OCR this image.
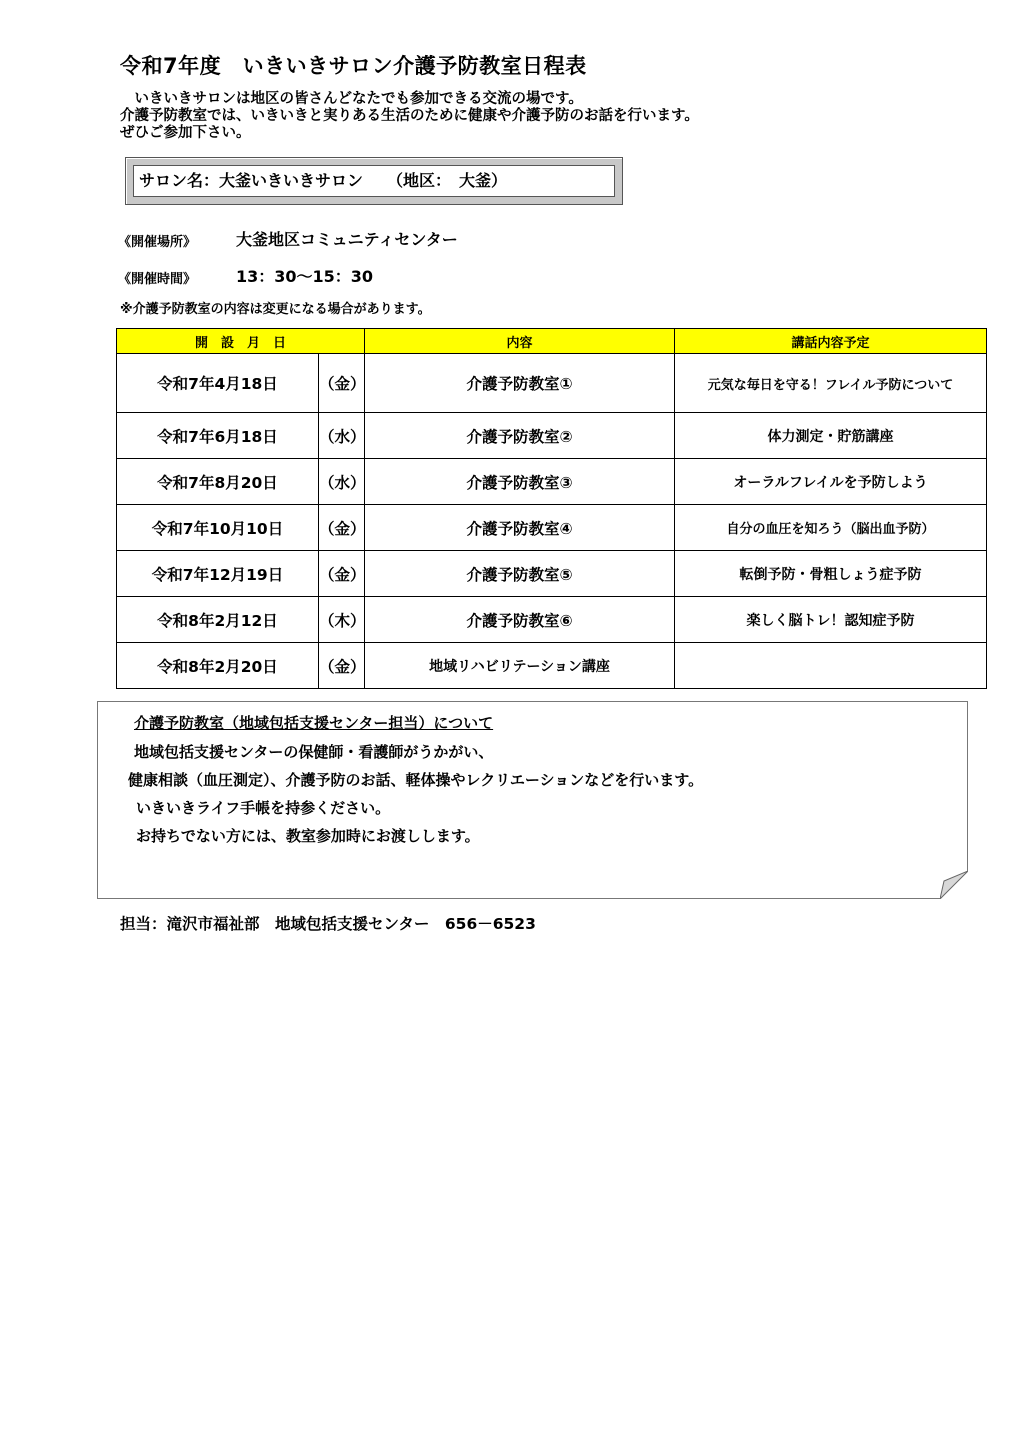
令和7年度　いきいきサロン介護予防教室日程表
　いきいきサロンは地区の皆さんどなたでも参加できる交流の場です。
介護予防教室では、いきいきと実りある生活のために健康や介護予防のお話を行います。
ぜひご参加下さい。
サロン名：大釜いきいきサロン　　（地区：　大釜）
《開催場所》 大釜地区コミュニティセンター
《開催時間》 13：30～15：30
※介護予防教室の内容は変更になる場合があります。
開　設　月　日		内容	講話内容予定
令和7年4月18日	（金）	介護予防教室①	元気な毎日を守る！フレイル予防について
令和7年6月18日	（水）	介護予防教室②	体力測定・貯筋講座
令和7年8月20日	（水）	介護予防教室③	オーラルフレイルを予防しよう
令和7年10月10日	（金）	介護予防教室④	自分の血圧を知ろう（脳出血予防）
令和7年12月19日	（金）	介護予防教室⑤	転倒予防・骨粗しょう症予防
令和8年2月12日	（木）	介護予防教室⑥	楽しく脳トレ！認知症予防
令和8年2月20日	（金）	地域リハビリテーション講座	
介護予防教室（地域包括支援センター担当）について
地域包括支援センターの保健師・看護師がうかがい、
健康相談（血圧測定）、介護予防のお話、軽体操やレクリエーションなどを行います。
いきいきライフ手帳を持参ください。
お持ちでない方には、教室参加時にお渡しします。
担当：滝沢市福祉部　地域包括支援センター　656－6523
